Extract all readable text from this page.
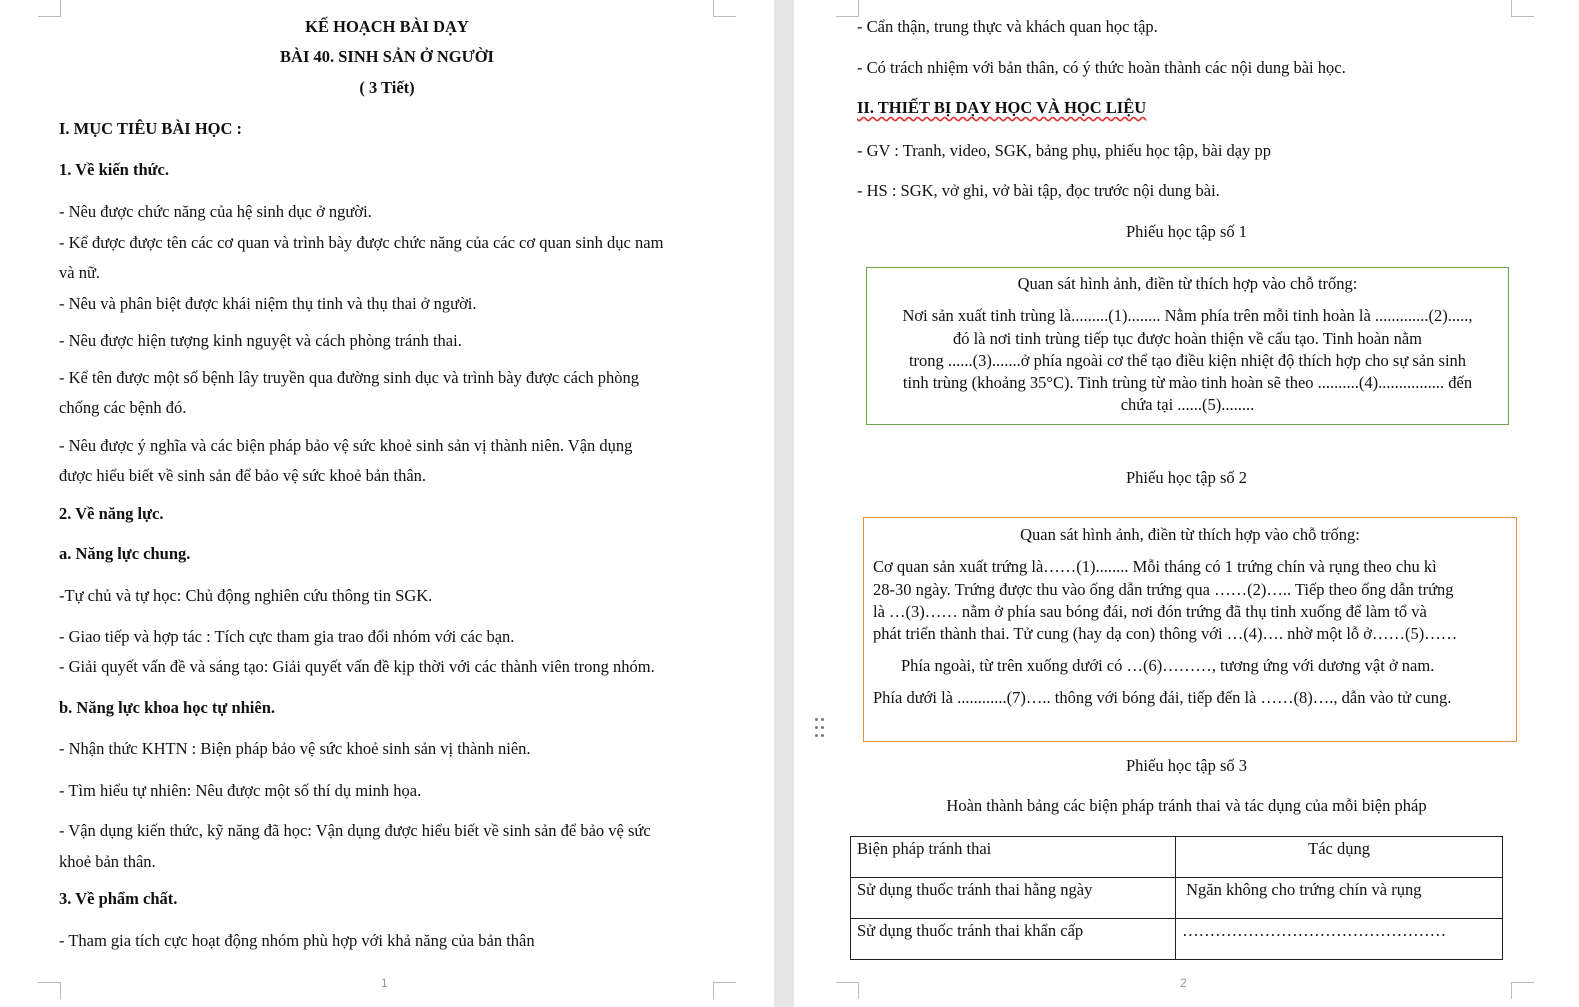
KẾ HOẠCH BÀI DẠY
BÀI 40. SINH SẢN Ở NGƯỜI
( 3 Tiết)
I. MỤC TIÊU BÀI HỌC :
1. Về kiến thức.
- Nêu được chức năng của hệ sinh dục ở người.
- Kể được được tên các cơ quan và trình bày được chức năng của các cơ quan sinh dục nam
và nữ.
- Nêu và phân biệt được khái niệm thụ tinh và thụ thai ở người.
- Nêu được hiện tượng kinh nguyệt và cách phòng tránh thai.
- Kể tên được một số bệnh lây truyền qua đường sinh dục và trình bày được cách phòng
chống các bệnh đó.
- Nêu được ý nghĩa và các biện pháp bảo vệ sức khoẻ sinh sản vị thành niên. Vận dụng
được hiểu biết về sinh sản để bảo vệ sức khoẻ bản thân.
2. Về năng lực.
a. Năng lực chung.
-Tự chủ và tự học: Chủ động nghiên cứu thông tin SGK.
- Giao tiếp và hợp tác : Tích cực tham gia trao đổi nhóm với các bạn.
- Giải quyết vấn đề và sáng tạo: Giải quyết vấn đề kịp thời với các thành viên trong nhóm.
b. Năng lực khoa học tự nhiên.
- Nhận thức KHTN : Biện pháp bảo vệ sức khoẻ sinh sản vị thành niên.
- Tìm hiểu tự nhiên: Nêu được một số thí dụ minh họa.
- Vận dụng kiến thức, kỹ năng đã học: Vận dụng được hiểu biết về sinh sản để bảo vệ sức
khoẻ bản thân.
3. Về phẩm chất.
- Tham gia tích cực hoạt động nhóm phù hợp với khả năng của bản thân
1
- Cẩn thận, trung thực và khách quan học tập.
- Có trách nhiệm với bản thân, có ý thức hoàn thành các nội dung bài học.
II. THIẾT BỊ DẠY HỌC VÀ HỌC LIỆU
- GV : Tranh, video, SGK, bảng phụ, phiếu học tập, bài dạy pp
- HS : SGK, vở ghi, vở bài tập, đọc trước nội dung bài.
Phiếu học tập số 1
Quan sát hình ảnh, điền từ thích hợp vào chỗ trống:
Nơi sản xuất tinh trùng là.........(1)........ Nằm phía trên mỗi tinh hoàn là .............(2).....,
đó là nơi tinh trùng tiếp tục được hoàn thiện về cấu tạo. Tinh hoàn nằm
trong ......(3).......ở phía ngoài cơ thể tạo điều kiện nhiệt độ thích hợp cho sự sản sinh
tinh trùng (khoảng 35°C). Tinh trùng từ mào tinh hoàn sẽ theo ..........(4)................ đến
chứa tại ......(5)........
Phiếu học tập số 2
Quan sát hình ảnh, điền từ thích hợp vào chỗ trống:
Cơ quan sản xuất trứng là……(1)........ Mỗi tháng có 1 trứng chín và rụng theo chu kì
28-30 ngày. Trứng được thu vào ống dẫn trứng qua ……(2)….. Tiếp theo ống dẫn trứng
là …(3)…… nằm ở phía sau bóng đái, nơi đón trứng đã thụ tinh xuống để làm tổ và
phát triển thành thai. Tử cung (hay dạ con) thông với …(4)…. nhờ một lỗ ở……(5)……
Phía ngoài, từ trên xuống dưới có …(6)………, tương ứng với dương vật ở nam.
Phía dưới là ............(7)….. thông với bóng đái, tiếp đến là ……(8)…., dẫn vào tử cung.
Phiếu học tập số 3
Hoàn thành bảng các biện pháp tránh thai và tác dụng của mỗi biện pháp
Biện pháp tránh thai	Tác dụng
Sử dụng thuốc tránh thai hằng ngày	Ngăn không cho trứng chín và rụng
Sử dụng thuốc tránh thai khẩn cấp	…………………………………………
2
